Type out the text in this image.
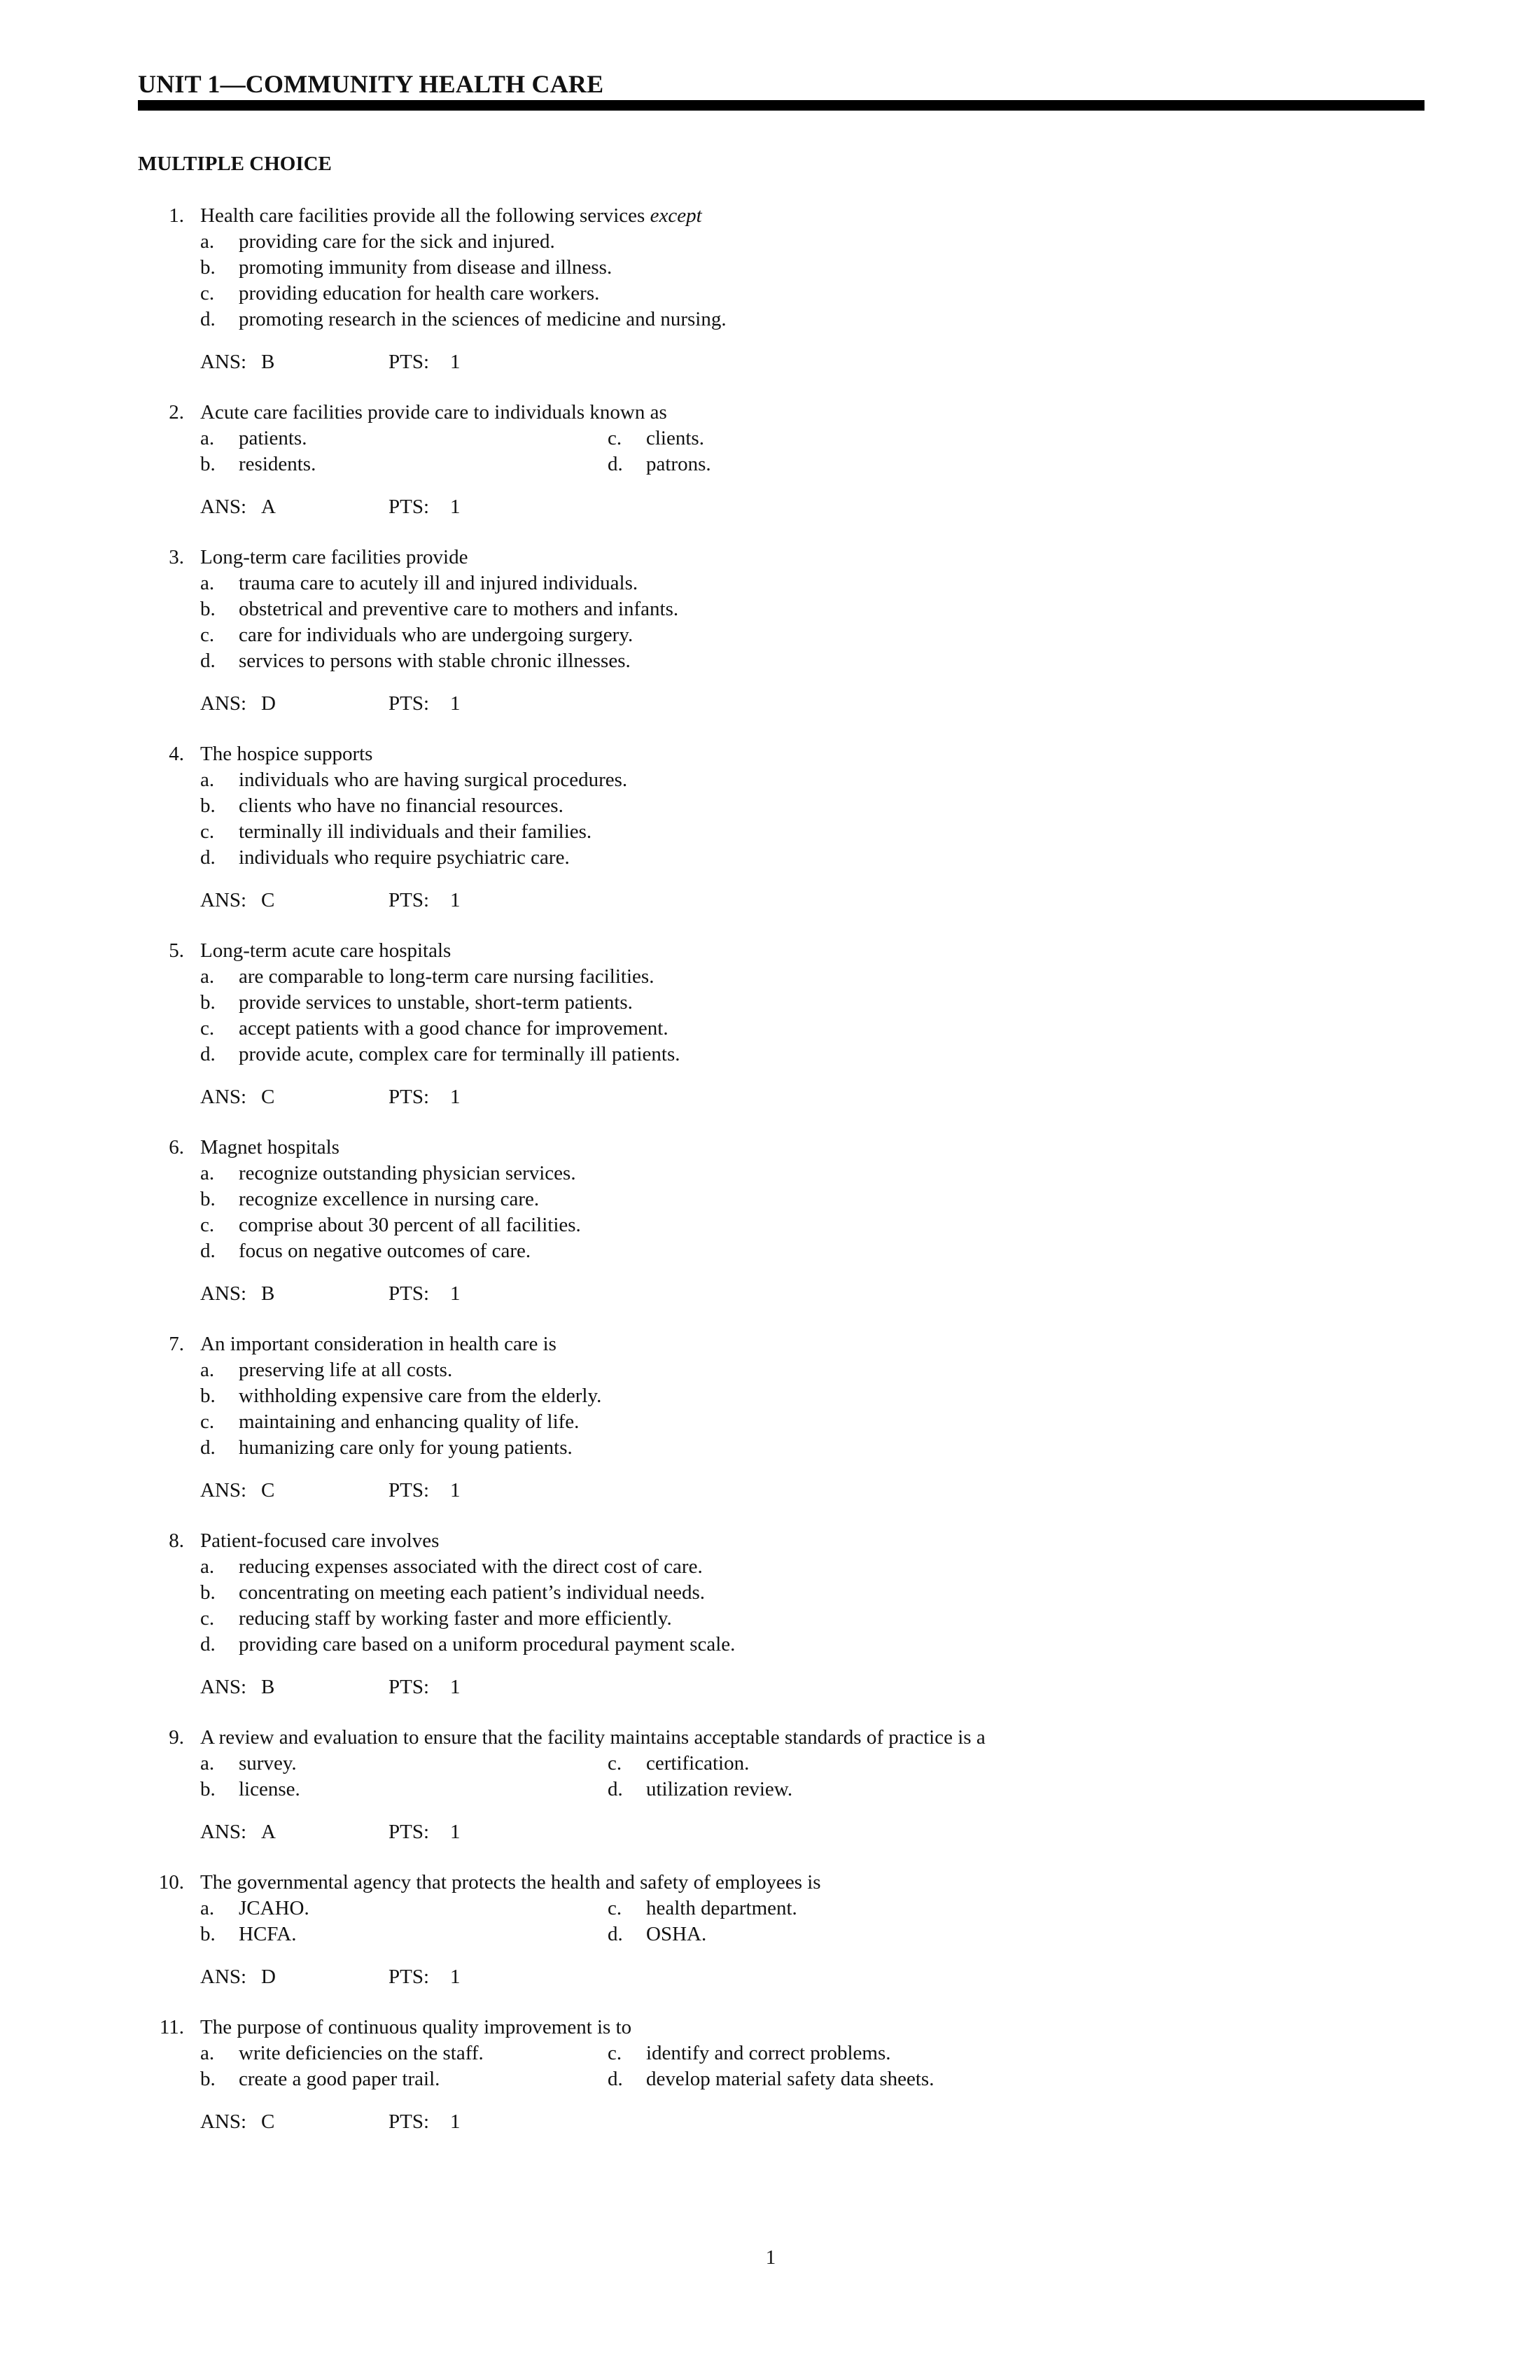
UNIT 1—COMMUNITY HEALTH CARE
MULTIPLE CHOICE
1. Health care facilities provide all the following services except
a. providing care for the sick and injured.
b. promoting immunity from disease and illness.
c. providing education for health care workers.
d. promoting research in the sciences of medicine and nursing.
ANS: B	PTS: 1
2. Acute care facilities provide care to individuals known as
a. patients.
b. residents.
c. clients.
d. patrons.
ANS: A	PTS: 1
3. Long-term care facilities provide
a. trauma care to acutely ill and injured individuals.
b. obstetrical and preventive care to mothers and infants.
c. care for individuals who are undergoing surgery.
d. services to persons with stable chronic illnesses.
ANS: D	PTS: 1
4. The hospice supports
a. individuals who are having surgical procedures.
b. clients who have no financial resources.
c. terminally ill individuals and their families.
d. individuals who require psychiatric care.
ANS: C	PTS: 1
5. Long-term acute care hospitals
a. are comparable to long-term care nursing facilities.
b. provide services to unstable, short-term patients.
c. accept patients with a good chance for improvement.
d. provide acute, complex care for terminally ill patients.
ANS: C	PTS: 1
6. Magnet hospitals
a. recognize outstanding physician services.
b. recognize excellence in nursing care.
c. comprise about 30 percent of all facilities.
d. focus on negative outcomes of care.
ANS: B	PTS: 1
7. An important consideration in health care is
a. preserving life at all costs.
b. withholding expensive care from the elderly.
c. maintaining and enhancing quality of life.
d. humanizing care only for young patients.
ANS: C	PTS: 1
8. Patient-focused care involves
a. reducing expenses associated with the direct cost of care.
b. concentrating on meeting each patient’s individual needs.
c. reducing staff by working faster and more efficiently.
d. providing care based on a uniform procedural payment scale.
ANS: B	PTS: 1
9. A review and evaluation to ensure that the facility maintains acceptable standards of practice is a
a. survey.
b. license.
c. certification.
d. utilization review.
ANS: A	PTS: 1
10. The governmental agency that protects the health and safety of employees is
a. JCAHO.
b. HCFA.
c. health department.
d. OSHA.
ANS: D	PTS: 1
11. The purpose of continuous quality improvement is to
a. write deficiencies on the staff.
b. create a good paper trail.
c. identify and correct problems.
d. develop material safety data sheets.
ANS: C	PTS: 1
1
